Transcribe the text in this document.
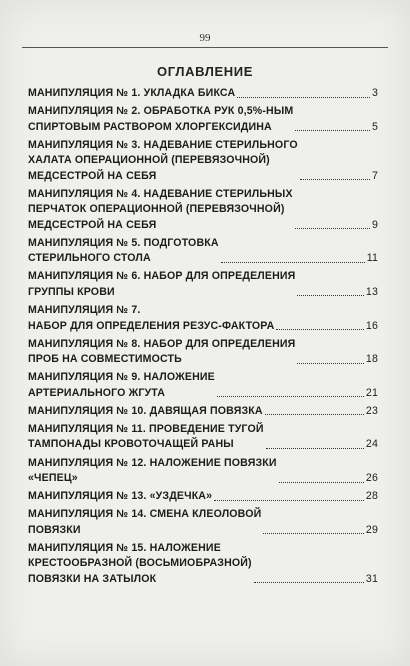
99
ОГЛАВЛЕНИЕ
МАНИПУЛЯЦИЯ № 1. УКЛАДКА БИКСА	3
МАНИПУЛЯЦИЯ № 2. ОБРАБОТКА РУК 0,5%-НЫМ
СПИРТОВЫМ РАСТВОРОМ ХЛОРГЕКСИДИНА	5
МАНИПУЛЯЦИЯ № 3. НАДЕВАНИЕ СТЕРИЛЬНОГО
ХАЛАТА ОПЕРАЦИОННОЙ (ПЕРЕВЯЗОЧНОЙ)
МЕДСЕСТРОЙ НА СЕБЯ	7
МАНИПУЛЯЦИЯ № 4. НАДЕВАНИЕ СТЕРИЛЬНЫХ
ПЕРЧАТОК ОПЕРАЦИОННОЙ (ПЕРЕВЯЗОЧНОЙ)
МЕДСЕСТРОЙ НА СЕБЯ	9
МАНИПУЛЯЦИЯ № 5. ПОДГОТОВКА
СТЕРИЛЬНОГО СТОЛА	11
МАНИПУЛЯЦИЯ № 6. НАБОР ДЛЯ ОПРЕДЕЛЕНИЯ
ГРУППЫ КРОВИ	13
МАНИПУЛЯЦИЯ № 7.
НАБОР ДЛЯ ОПРЕДЕЛЕНИЯ РЕЗУС-ФАКТОРА	16
МАНИПУЛЯЦИЯ № 8. НАБОР ДЛЯ ОПРЕДЕЛЕНИЯ
ПРОБ НА СОВМЕСТИМОСТЬ	18
МАНИПУЛЯЦИЯ № 9. НАЛОЖЕНИЕ
АРТЕРИАЛЬНОГО ЖГУТА	21
МАНИПУЛЯЦИЯ № 10. ДАВЯЩАЯ ПОВЯЗКА	23
МАНИПУЛЯЦИЯ № 11. ПРОВЕДЕНИЕ ТУГОЙ
ТАМПОНАДЫ КРОВОТОЧАЩЕЙ РАНЫ	24
МАНИПУЛЯЦИЯ № 12. НАЛОЖЕНИЕ ПОВЯЗКИ
«ЧЕПЕЦ»	26
МАНИПУЛЯЦИЯ № 13. «УЗДЕЧКА»	28
МАНИПУЛЯЦИЯ № 14. СМЕНА КЛЕОЛОВОЙ
ПОВЯЗКИ	29
МАНИПУЛЯЦИЯ № 15. НАЛОЖЕНИЕ
КРЕСТООБРАЗНОЙ (ВОСЬМИОБРАЗНОЙ)
ПОВЯЗКИ НА ЗАТЫЛОК	31
